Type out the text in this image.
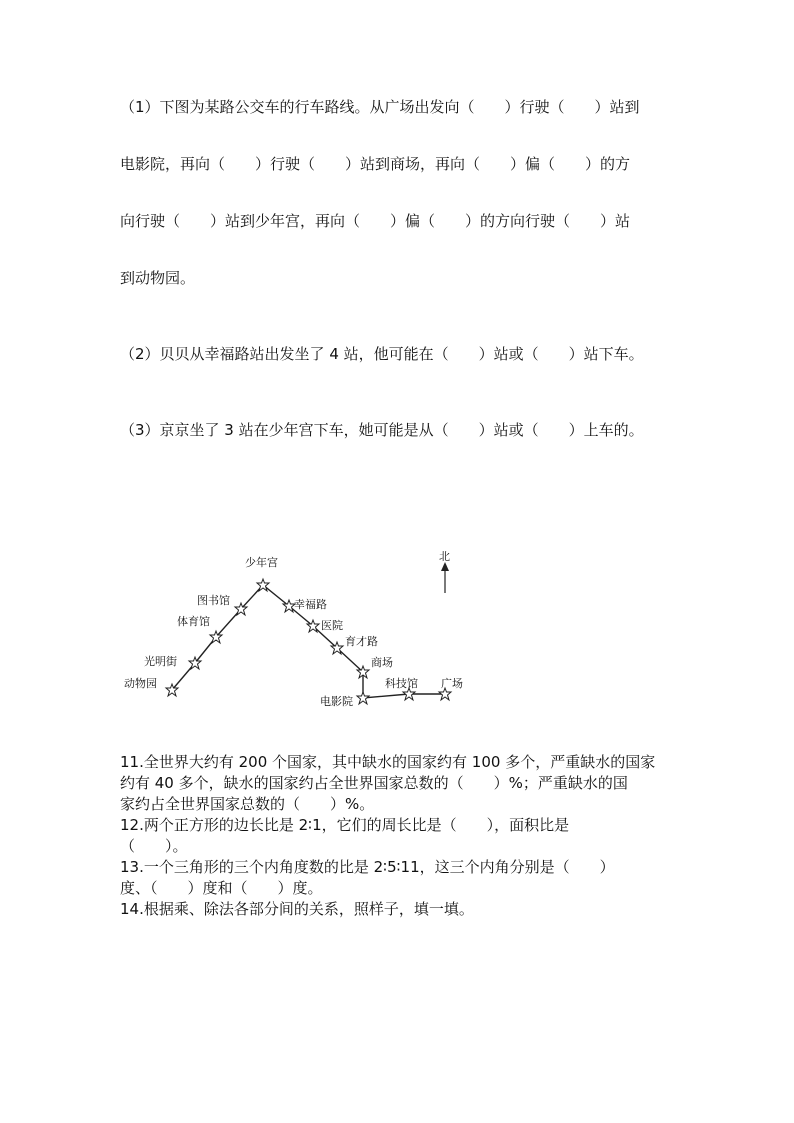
（1）下图为某路公交车的行车路线。从广场出发向（　　）行驶（　　）站到
电影院，再向（　　）行驶（　　）站到商场，再向（　　）偏（　　）的方
向行驶（　　）站到少年宫，再向（　　）偏（　　）的方向行驶（　　）站
到动物园。
（2）贝贝从幸福路站出发坐了 4 站，他可能在（　　）站或（　　）站下车。
（3）京京坐了 3 站在少年宫下车，她可能是从（　　）站或（　　）上车的。
北
少年宫
图书馆	幸福路
体育馆	医院
育才路
光明街	商场
动物园	科技馆 广场
电影院
11.全世界大约有 200 个国家，其中缺水的国家约有 100 多个，严重缺水的国家
约有 40 多个，缺水的国家约占全世界国家总数的（　　）%；严重缺水的国
家约占全世界国家总数的（　　）%。
12.两个正方形的边长比是 2∶1，它们的周长比是（　　），面积比是
（　　）。
13.一个三角形的三个内角度数的比是 2∶5∶11，这三个内角分别是（　　）
度、（　　）度和（　　）度。
14.根据乘、除法各部分间的关系，照样子，填一填。
